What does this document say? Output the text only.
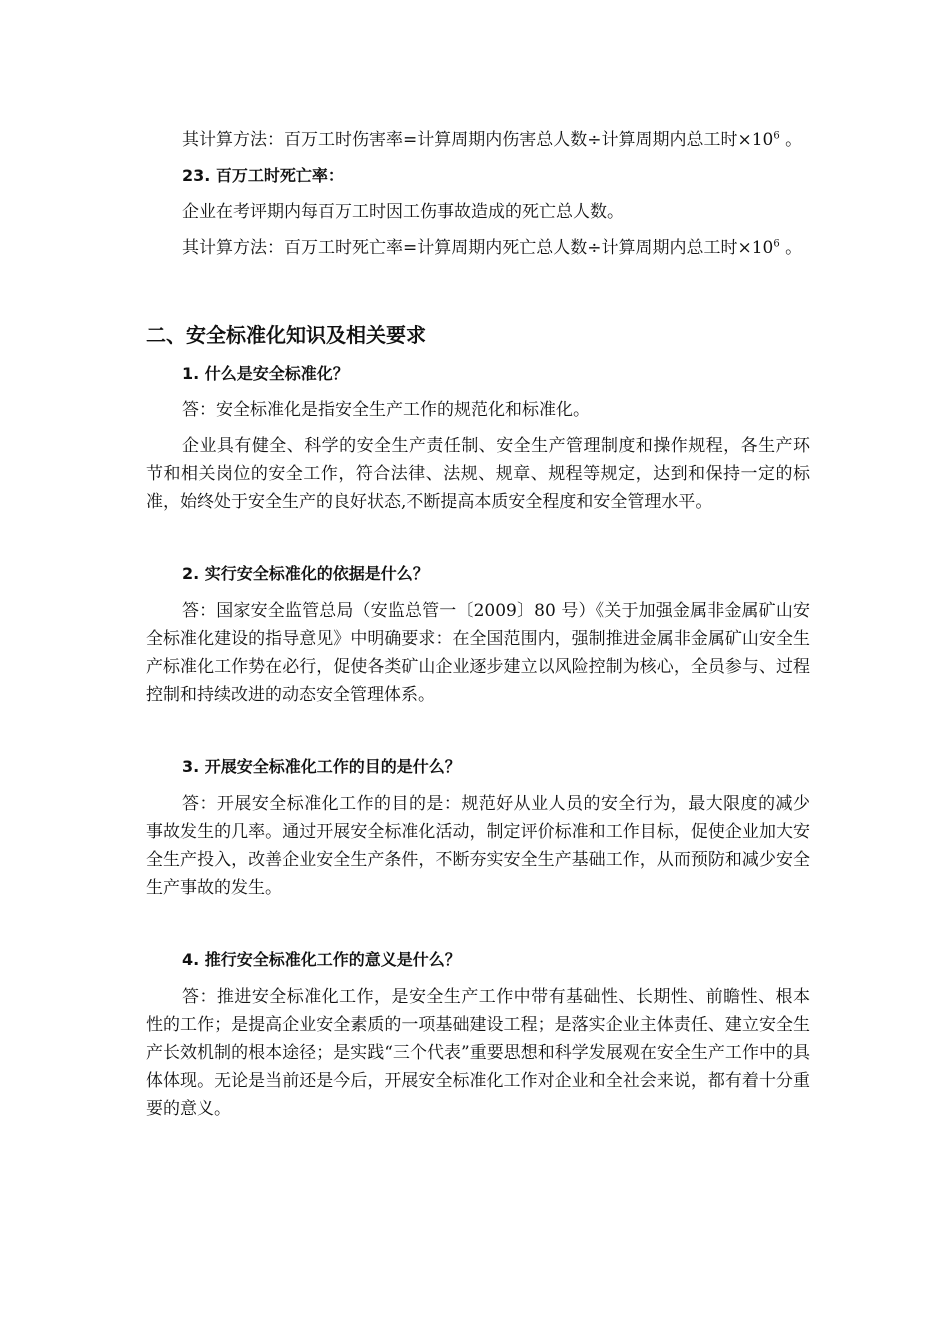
其计算方法：百万工时伤害率=计算周期内伤害总人数÷计算周期内总工时$\times 10^6$ 。

23. 百万工时死亡率：

企业在考评期内每百万工时因工伤事故造成的死亡总人数。

其计算方法：百万工时死亡率=计算周期内死亡总人数÷计算周期内总工时$\times 10^6$ 。

二、安全标准化知识及相关要求

1. 什么是安全标准化？

答：安全标准化是指安全生产工作的规范化和标准化。

企业具有健全、科学的安全生产责任制、安全生产管理制度和操作规程，各生产环节和相关岗位的安全工作，符合法律、法规、规章、规程等规定，达到和保持一定的标准，始终处于安全生产的良好状态,不断提高本质安全程度和安全管理水平。

2. 实行安全标准化的依据是什么？

答：国家安全监管总局（安监总管一〔2009〕80 号）《关于加强金属非金属矿山安全标准化建设的指导意见》中明确要求：在全国范围内，强制推进金属非金属矿山安全生产标准化工作势在必行，促使各类矿山企业逐步建立以风险控制为核心，全员参与、过程控制和持续改进的动态安全管理体系。

3. 开展安全标准化工作的目的是什么？

答：开展安全标准化工作的目的是：规范好从业人员的安全行为，最大限度的减少事故发生的几率。通过开展安全标准化活动，制定评价标准和工作目标，促使企业加大安全生产投入，改善企业安全生产条件，不断夯实安全生产基础工作，从而预防和减少安全生产事故的发生。

4. 推行安全标准化工作的意义是什么？

答：推进安全标准化工作，是安全生产工作中带有基础性、长期性、前瞻性、根本性的工作；是提高企业安全素质的一项基础建设工程；是落实企业主体责任、建立安全生产长效机制的根本途径；是实践“三个代表”重要思想和科学发展观在安全生产工作中的具体体现。无论是当前还是今后，开展安全标准化工作对企业和全社会来说，都有着十分重要的意义。
